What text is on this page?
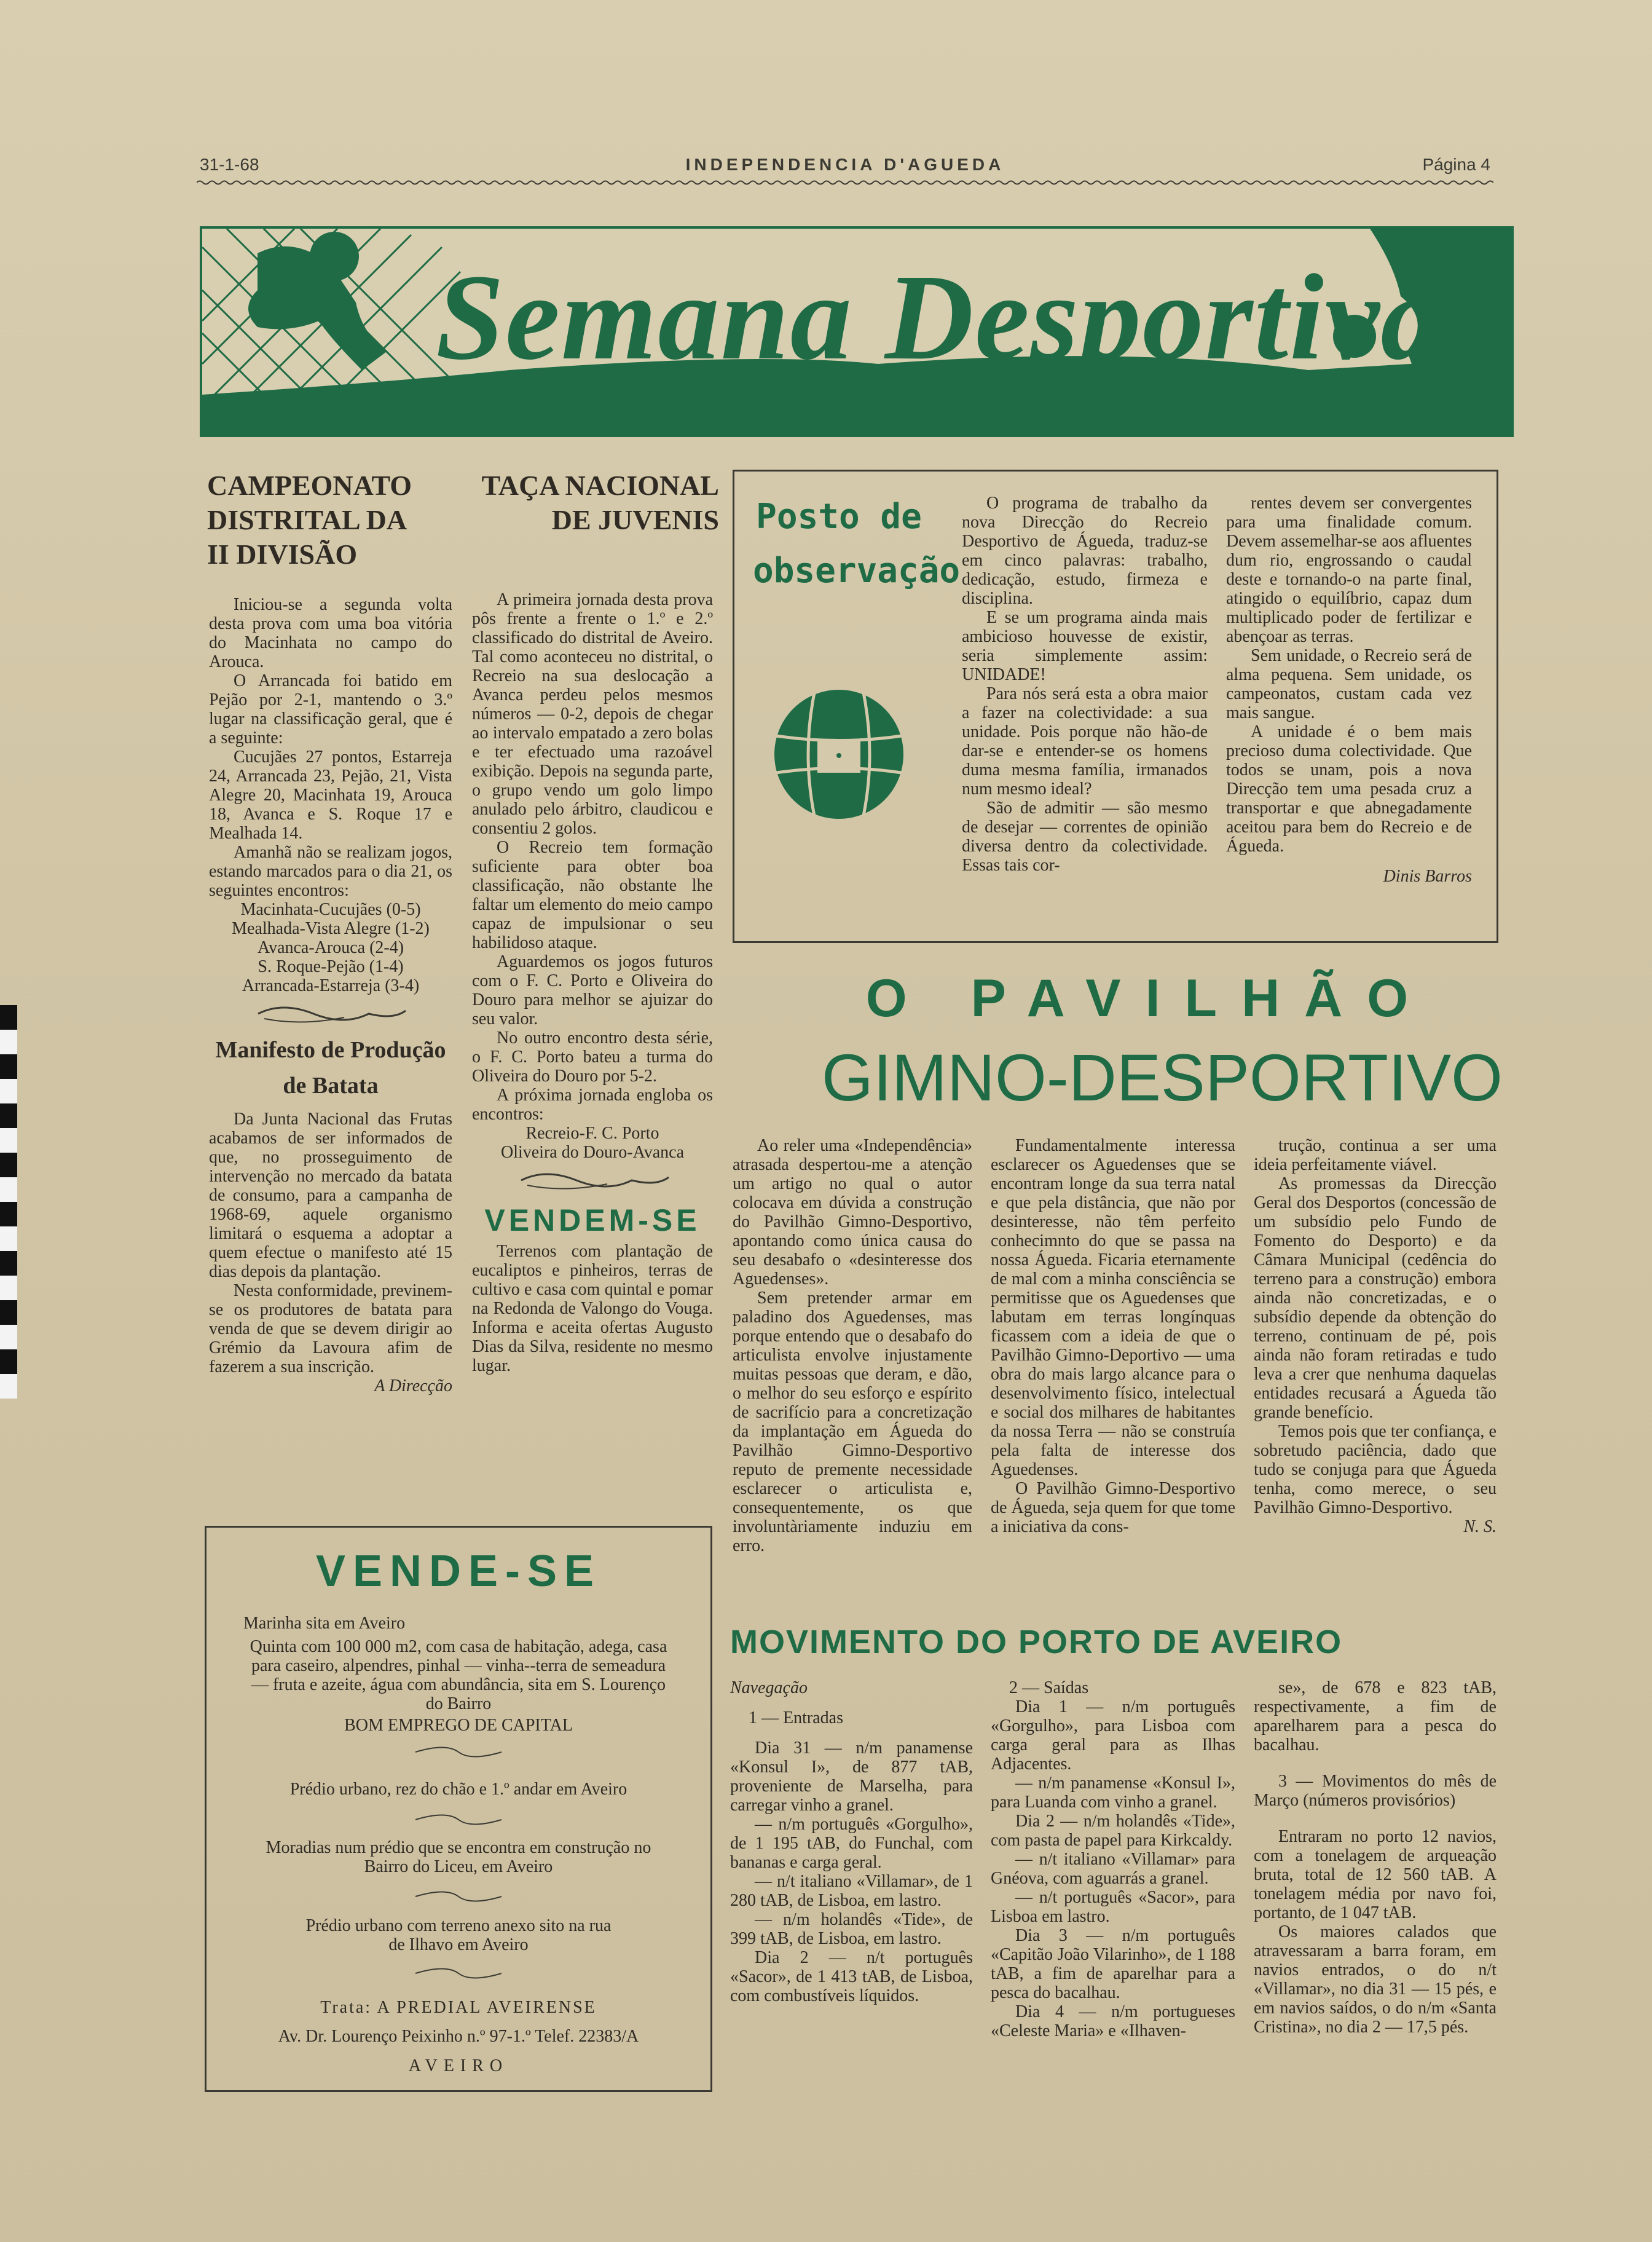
31-1-68	INDEPENDENCIA D'AGUEDA	Página 4
Semana Desportiva
CAMPEONATO DISTRITAL DA II DIVISÃO

Iniciou-se a segunda volta desta prova com uma boa vitória do Macinhata no campo do Arouca.

O Arrancada foi batido em Pejão por 2-1, mantendo o 3.º lugar na classificação geral, que é a seguinte:

Cucujães 27 pontos, Estarreja 24, Arrancada 23, Pejão, 21, Vista Alegre 20, Macinhata 19, Arouca 18, Avanca e S. Roque 17 e Mealhada 14.

Amanhã não se realizam jogos, estando marcados para o dia 21, os seguintes encontros:

Macinhata-Cucujães (0-5)
Mealhada-Vista Alegre (1-2)
Avanca-Arouca (2-4)
S. Roque-Pejão (1-4)
Arrancada-Estarreja (3-4)
Manifesto de Produção de Batata

Da Junta Nacional das Frutas acabamos de ser informados de que, no prosseguimento de intervenção no mercado da batata de consumo, para a campanha de 1968-69, aquele organismo limitará o esquema a adoptar a quem efectue o manifesto até 15 dias depois da plantação.

Nesta conformidade, previnem-se os produtores de batata para venda de que se devem dirigir ao Grémio da Lavoura afim de fazerem a sua inscrição.

A Direcção
TAÇA NACIONAL DE JUVENIS

A primeira jornada desta prova pôs frente a frente o 1.º e 2.º classificado do distrital de Aveiro. Tal como aconteceu no distrital, o Recreio na sua deslocação a Avanca perdeu pelos mesmos números — 0-2, depois de chegar ao intervalo empatado a zero bolas e ter efectuado uma razoável exibição. Depois na segunda parte, o grupo vendo um golo limpo anulado pelo árbitro, claudicou e consentiu 2 golos.

O Recreio tem formação suficiente para obter boa classificação, não obstante lhe faltar um elemento do meio campo capaz de impulsionar o seu habilidoso ataque.

Aguardemos os jogos futuros com o F. C. Porto e Oliveira do Douro para melhor se ajuizar do seu valor.

No outro encontro desta série, o F. C. Porto bateu a turma do Oliveira do Douro por 5-2.

A próxima jornada engloba os encontros:

Recreio-F. C. Porto Oliveira do Douro-Avanca
VENDEM-SE

Terrenos com plantação de eucaliptos e pinheiros, terras de cultivo e casa com quintal e pomar na Redonda de Valongo do Vouga. Informa e aceita ofertas Augusto Dias da Silva, residente no mesmo lugar.

Posto de observação

O programa de trabalho da nova Direcção do Recreio Desportivo de Águeda, traduz-se em cinco palavras: trabalho, dedicação, estudo, firmeza e disciplina.

E se um programa ainda mais ambicioso houvesse de existir, seria simplemente assim: UNIDADE!

Para nós será esta a obra maior a fazer na colectividade: a sua unidade. Pois porque não hão-de dar-se e entender-se os homens duma mesma família, irmanados num mesmo ideal?

São de admitir — são mesmo de desejar — correntes de opinião diversa dentro da colectividade. Essas tais cor-

rentes devem ser convergentes para uma finalidade comum. Devem assemelhar-se aos afluentes dum rio, engrossando o caudal deste e tornando-o na parte final, atingido o equilíbrio, capaz dum multiplicado poder de fertilizar e abençoar as terras.

Sem unidade, o Recreio será de alma pequena. Sem unidade, os campeonatos, custam cada vez mais sangue.

A unidade é o bem mais precioso duma colectividade. Que todos se unam, pois a nova Direcção tem uma pesada cruz a transportar e que abnegadamente aceitou para bem do Recreio e de Águeda.

Dinis Barros
O PAVILHÃO
GIMNO-DESPORTIVO

Ao reler uma «Independência» atrasada despertou-me a atenção um artigo no qual o autor colocava em dúvida a construção do Pavilhão Gimno-Desportivo, apontando como única causa do seu desabafo o «desinteresse dos Aguedenses».

Sem pretender armar em paladino dos Aguedenses, mas porque entendo que o desabafo do articulista envolve injustamente muitas pessoas que deram, e dão, o melhor do seu esforço e espírito de sacrifício para a concretização da implantação em Águeda do Pavilhão Gimno-Desportivo reputo de premente necessidade esclarecer o articulista e, consequentemente, os que involuntàriamente induziu em erro.

Fundamentalmente interessa esclarecer os Aguedenses que se encontram longe da sua terra natal e que pela distância, que não por desinteresse, não têm perfeito conhecimnto do que se passa na nossa Águeda. Ficaria eternamente de mal com a minha consciência se permitisse que os Aguedenses que labutam em terras longínquas ficassem com a ideia de que o Pavilhão Gimno-Deportivo — uma obra do mais largo alcance para o desenvolvimento físico, intelectual e social dos milhares de habitantes da nossa Terra — não se construía pela falta de interesse dos Aguedenses.

O Pavilhão Gimno-Desportivo de Águeda, seja quem for que tome a iniciativa da cons-

trução, continua a ser uma ideia perfeitamente viável.

As promessas da Direcção Geral dos Desportos (concessão de um subsídio pelo Fundo de Fomento do Desporto) e da Câmara Municipal (cedência do terreno para a construção) embora ainda não concretizadas, e o subsídio depende da obtenção do terreno, continuam de pé, pois ainda não foram retiradas e tudo leva a crer que nenhuma daquelas entidades recusará a Águeda tão grande benefício.

Temos pois que ter confiança, e sobretudo paciência, dado que tudo se conjuga para que Águeda tenha, como merece, o seu Pavilhão Gimno-Desportivo.

N. S.
VENDE-SE
Marinha sita em Aveiro
Quinta com 100 000 m2, com casa de habitação, adega, casa para caseiro, alpendres, pinhal — vinha--terra de semeadura — fruta e azeite, água com abundância, sita em S. Lourenço do Bairro
BOM EMPREGO DE CAPITAL
Prédio urbano, rez do chão e 1.º andar em Aveiro
Moradias num prédio que se encontra em construção no Bairro do Liceu, em Aveiro
Prédio urbano com terreno anexo sito na rua de Ilhavo em Aveiro
Trata: A PREDIAL AVEIRENSE
Av. Dr. Lourenço Peixinho n.º 97-1.º Telef. 22383/A
AVEIRO
MOVIMENTO DO PORTO DE AVEIRO
Navegação
1 — Entradas

Dia 31 — n/m panamense «Konsul I», de 877 tAB, proveniente de Marselha, para carregar vinho a granel.

— n/m português «Gorgulho», de 1 195 tAB, do Funchal, com bananas e carga geral.

— n/t italiano «Villamar», de 1 280 tAB, de Lisboa, em lastro.

— n/m holandês «Tide», de 399 tAB, de Lisboa, em lastro.

Dia 2 — n/t português «Sacor», de 1 413 tAB, de Lisboa, com combustíveis líquidos.

2 — Saídas

Dia 1 — n/m português «Gorgulho», para Lisboa com carga geral para as Ilhas Adjacentes.

— n/m panamense «Konsul I», para Luanda com vinho a granel.

Dia 2 — n/m holandês «Tide», com pasta de papel para Kirkcaldy.

— n/t italiano «Villamar» para Gnéova, com aguarrás a granel.

— n/t português «Sacor», para Lisboa em lastro.

Dia 3 — n/m português «Capitão João Vilarinho», de 1 188 tAB, a fim de aparelhar para a pesca do bacalhau.

Dia 4 — n/m portugueses «Celeste Maria» e «Ilhaven-

se», de 678 e 823 tAB, respectivamente, a fim de aparelharem para a pesca do bacalhau.

3 — Movimentos do mês de Março (números provisórios)

Entraram no porto 12 navios, com a tonelagem de arqueação bruta, total de 12 560 tAB. A tonelagem média por navo foi, portanto, de 1 047 tAB.

Os maiores calados que atravessaram a barra foram, em navios entrados, o do n/t «Villamar», no dia 31 — 15 pés, e em navios saídos, o do n/m «Santa Cristina», no dia 2 — 17,5 pés.
